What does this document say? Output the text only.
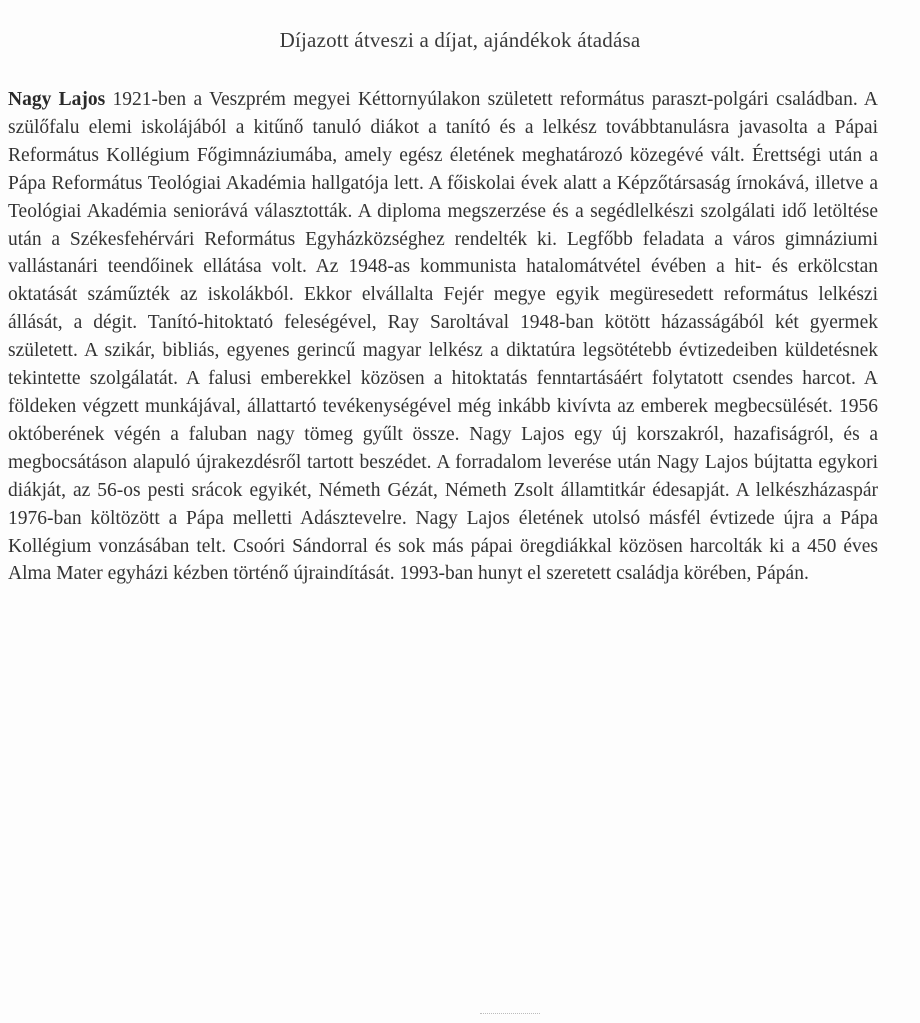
Díjazott átveszi a díjat, ajándékok átadása

Nagy Lajos 1921-ben a Veszprém megyei Kéttornyúlakon született református paraszt-polgári családban. A szülőfalu elemi iskolájából a kitűnő tanuló diákot a tanító és a lelkész továbbtanulásra javasolta a Pápai Református Kollégium Főgimnáziumába, amely egész életének meghatározó közegévé vált. Érettségi után a Pápa Református Teológiai Akadémia hallgatója lett. A főiskolai évek alatt a Képzőtársaság írnokává, illetve a Teológiai Akadémia seniorává választották. A diploma megszerzése és a segédlelkészi szolgálati idő letöltése után a Székesfehérvári Református Egyházközséghez rendelték ki. Legfőbb feladata a város gimnáziumi vallástanári teendőinek ellátása volt. Az 1948-as kommunista hatalomátvétel évében a hit- és erkölcstan oktatását száműzték az iskolákból. Ekkor elvállalta Fejér megye egyik megüresedett református lelkészi állását, a dégit. Tanító-hitoktató feleségével, Ray Saroltával 1948-ban kötött házasságából két gyermek született. A szikár, bibliás, egyenes gerincű magyar lelkész a diktatúra legsötétebb évtizedeiben küldetésnek tekintette szolgálatát. A falusi emberekkel közösen a hitoktatás fenntartásáért folytatott csendes harcot. A földeken végzett munkájával, állattartó tevékenységével még inkább kivívta az emberek megbecsülését. 1956 októberének végén a faluban nagy tömeg gyűlt össze. Nagy Lajos egy új korszakról, hazafiságról, és a megbocsátáson alapuló újrakezdésről tartott beszédet. A forradalom leverése után Nagy Lajos bújtatta egykori diákját, az 56-os pesti srácok egyikét, Németh Gézát, Németh Zsolt államtitkár édesapját. A lelkészházaspár 1976-ban költözött a Pápa melletti Adásztevelre. Nagy Lajos életének utolsó másfél évtizede újra a Pápa Kollégium vonzásában telt. Csoóri Sándorral és sok más pápai öregdiákkal közösen harcolták ki a 450 éves Alma Mater egyházi kézben történő újraindítását. 1993-ban hunyt el szeretett családja körében, Pápán.
